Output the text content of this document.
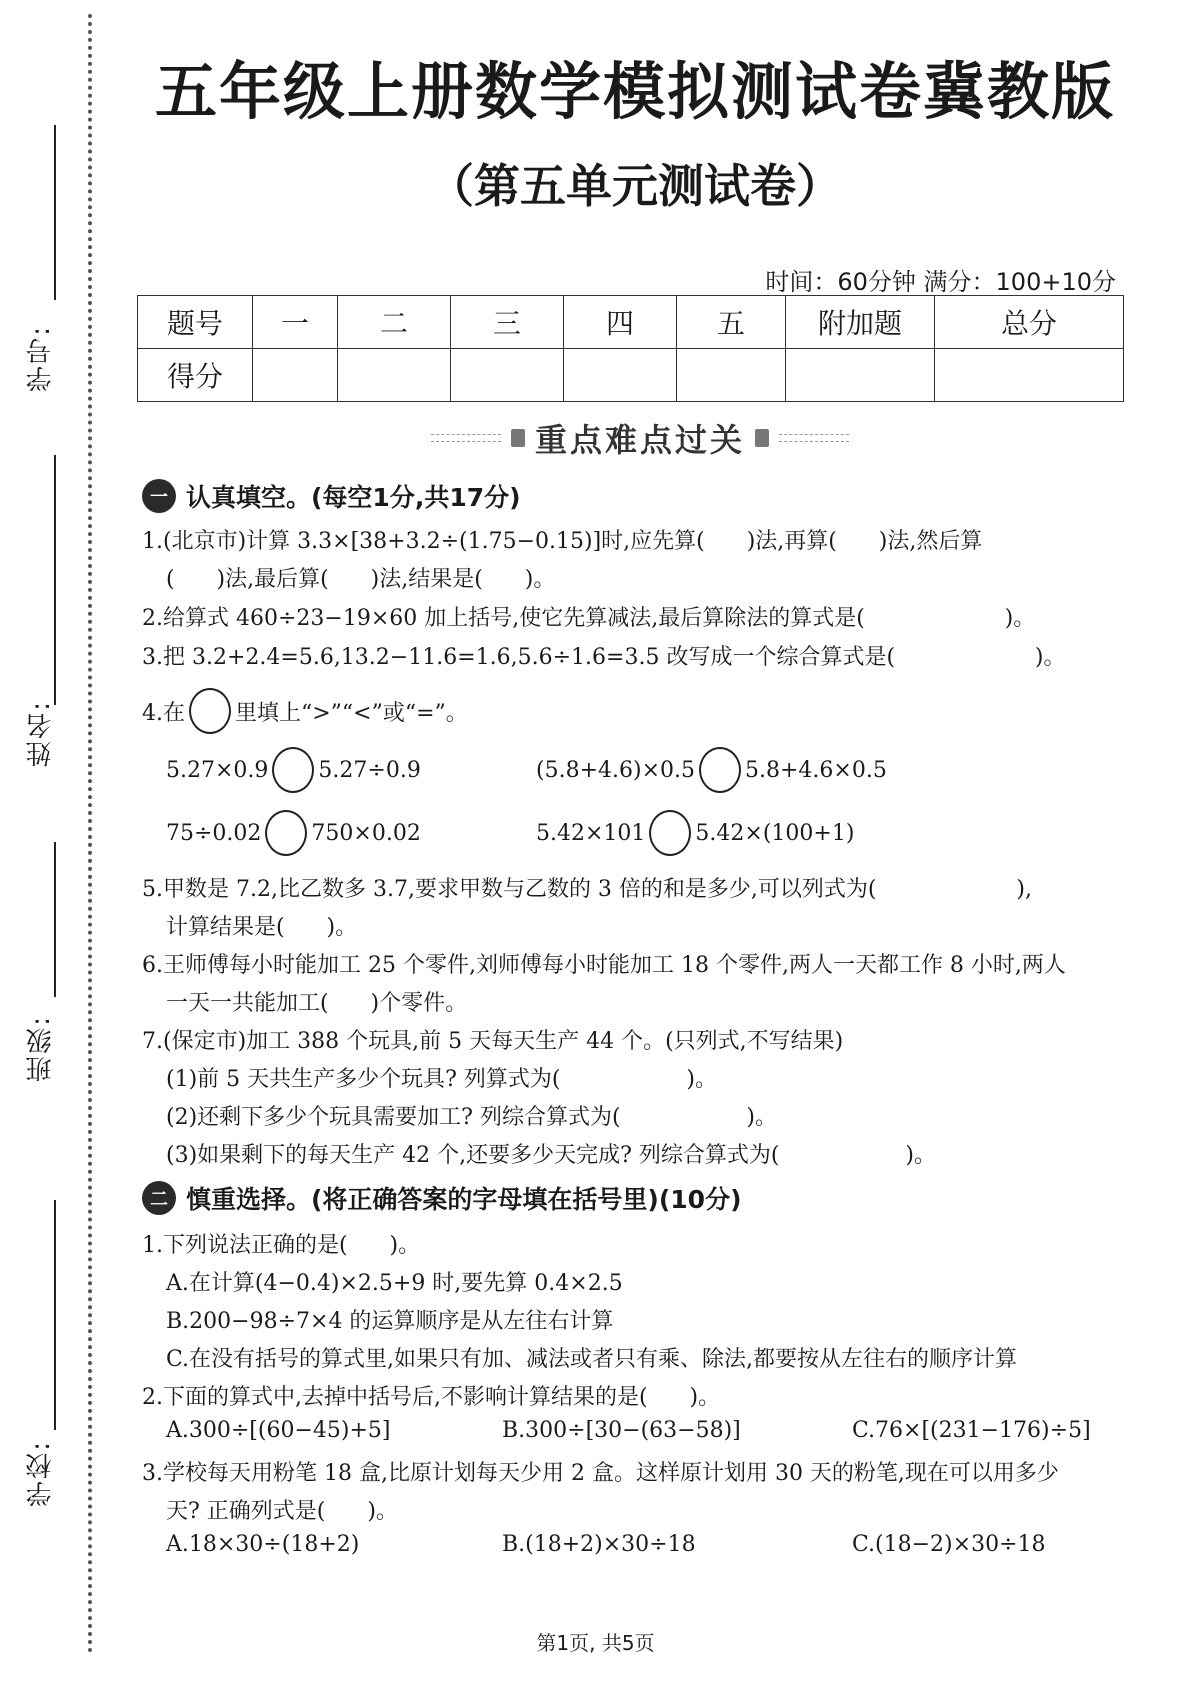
学号:
姓名:
班级:
学校:
五年级上册数学模拟测试卷冀教版
（第五单元测试卷）
时间：60分钟 满分：100+10分
题号	一	二	三	四	五	附加题	总分
得分							
重点难点过关
一 认真填空。(每空1分,共17分)
1.(北京市)计算 3.3×[38+3.2÷(1.75−0.15)]时,应先算(      )法,再算(      )法,然后算
(      )法,最后算(      )法,结果是(      )。
2.给算式 460÷23−19×60 加上括号,使它先算减法,最后算除法的算式是(                    )。
3.把 3.2+2.4=5.6,13.2−11.6=1.6,5.6÷1.6=3.5 改写成一个综合算式是(                    )。
4.在 里填上“>”“<”或“=”。
5.27×0.9 5.27÷0.9	(5.8+4.6)×0.5 5.8+4.6×0.5
75÷0.02 750×0.02	5.42×101 5.42×(100+1)
5.甲数是 7.2,比乙数多 3.7,要求甲数与乙数的 3 倍的和是多少,可以列式为(                    ),
计算结果是(      )。
6.王师傅每小时能加工 25 个零件,刘师傅每小时能加工 18 个零件,两人一天都工作 8 小时,两人
一天一共能加工(      )个零件。
7.(保定市)加工 388 个玩具,前 5 天每天生产 44 个。(只列式,不写结果)
(1)前 5 天共生产多少个玩具? 列算式为(                  )。
(2)还剩下多少个玩具需要加工? 列综合算式为(                  )。
(3)如果剩下的每天生产 42 个,还要多少天完成? 列综合算式为(                  )。
二 慎重选择。(将正确答案的字母填在括号里)(10分)
1.下列说法正确的是(      )。
A.在计算(4−0.4)×2.5+9 时,要先算 0.4×2.5
B.200−98÷7×4 的运算顺序是从左往右计算
C.在没有括号的算式里,如果只有加、减法或者只有乘、除法,都要按从左往右的顺序计算
2.下面的算式中,去掉中括号后,不影响计算结果的是(      )。
A.300÷[(60−45)+5]	B.300÷[30−(63−58)]	C.76×[(231−176)÷5]
3.学校每天用粉笔 18 盒,比原计划每天少用 2 盒。这样原计划用 30 天的粉笔,现在可以用多少
天? 正确列式是(      )。
A.18×30÷(18+2)	B.(18+2)×30÷18	C.(18−2)×30÷18
第1页, 共5页
